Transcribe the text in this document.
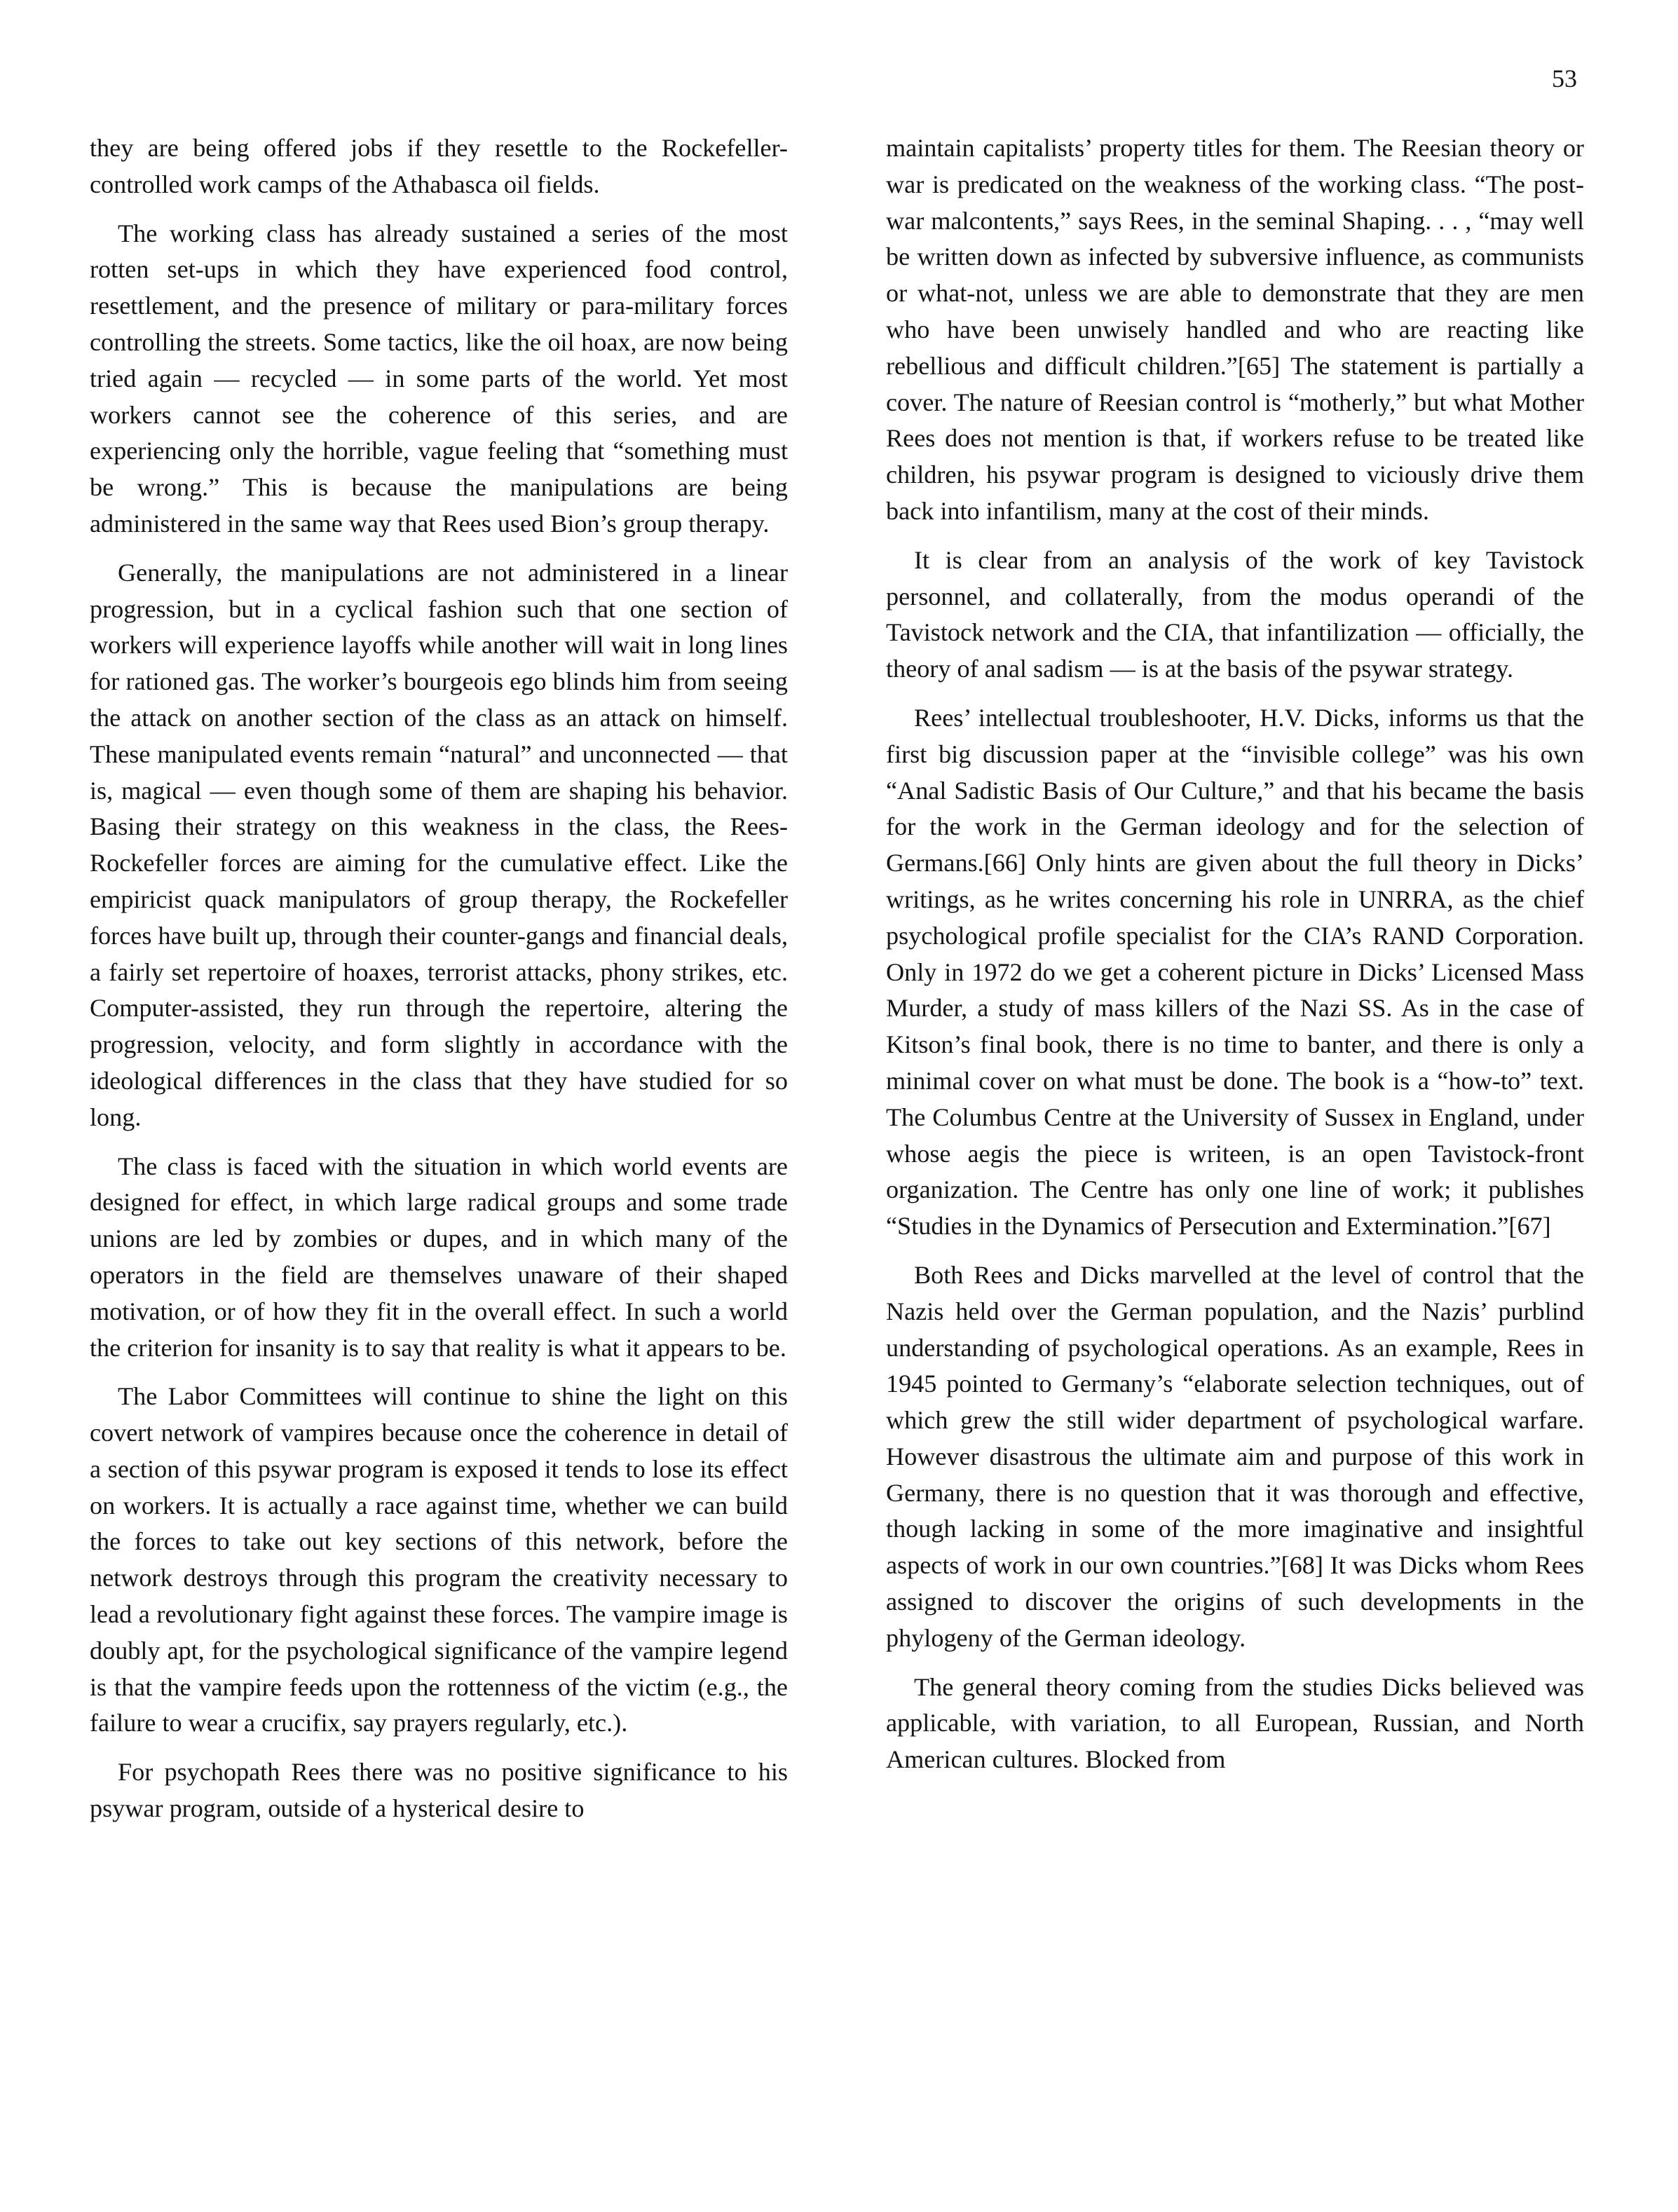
53

they are being offered jobs if they resettle to the Rockefeller-controlled work camps of the Athabasca oil fields.

The working class has already sustained a series of the most rotten set-ups in which they have experienced food control, resettlement, and the presence of military or para-military forces controlling the streets. Some tactics, like the oil hoax, are now being tried again — recycled — in some parts of the world. Yet most workers cannot see the coherence of this series, and are experiencing only the horrible, vague feeling that “something must be wrong.” This is because the manipulations are being administered in the same way that Rees used Bion’s group therapy.

Generally, the manipulations are not administered in a linear progression, but in a cyclical fashion such that one section of workers will experience layoffs while another will wait in long lines for rationed gas. The worker’s bourgeois ego blinds him from seeing the attack on another section of the class as an attack on himself. These manipulated events remain “natural” and unconnected — that is, magical — even though some of them are shaping his behavior. Basing their strategy on this weakness in the class, the Rees-Rockefeller forces are aiming for the cumulative effect. Like the empiricist quack manipulators of group therapy, the Rockefeller forces have built up, through their counter-gangs and financial deals, a fairly set repertoire of hoaxes, terrorist attacks, phony strikes, etc. Computer-assisted, they run through the repertoire, altering the progression, velocity, and form slightly in accordance with the ideological differences in the class that they have studied for so long.

The class is faced with the situation in which world events are designed for effect, in which large radical groups and some trade unions are led by zombies or dupes, and in which many of the operators in the field are themselves unaware of their shaped motivation, or of how they fit in the overall effect. In such a world the criterion for insanity is to say that reality is what it appears to be.

The Labor Committees will continue to shine the light on this covert network of vampires because once the coherence in detail of a section of this psywar program is exposed it tends to lose its effect on workers. It is actually a race against time, whether we can build the forces to take out key sections of this network, before the network destroys through this program the creativity necessary to lead a revolutionary fight against these forces. The vampire image is doubly apt, for the psychological significance of the vampire legend is that the vampire feeds upon the rottenness of the victim (e.g., the failure to wear a crucifix, say prayers regularly, etc.).

For psychopath Rees there was no positive significance to his psywar program, outside of a hysterical desire to

maintain capitalists’ property titles for them. The Reesian theory or war is predicated on the weakness of the working class. “The post-war malcontents,” says Rees, in the seminal Shaping. . . , “may well be written down as infected by subversive influence, as communists or what-not, unless we are able to demonstrate that they are men who have been unwisely handled and who are reacting like rebellious and difficult children.”[65] The statement is partially a cover. The nature of Reesian control is “motherly,” but what Mother Rees does not mention is that, if workers refuse to be treated like children, his psywar program is designed to viciously drive them back into infantilism, many at the cost of their minds.

It is clear from an analysis of the work of key Tavistock personnel, and collaterally, from the modus operandi of the Tavistock network and the CIA, that infantilization — officially, the theory of anal sadism — is at the basis of the psywar strategy.

Rees’ intellectual troubleshooter, H.V. Dicks, informs us that the first big discussion paper at the “invisible college” was his own “Anal Sadistic Basis of Our Culture,” and that his became the basis for the work in the German ideology and for the selection of Germans.[66] Only hints are given about the full theory in Dicks’ writings, as he writes concerning his role in UNRRA, as the chief psychological profile specialist for the CIA’s RAND Corporation. Only in 1972 do we get a coherent picture in Dicks’ Licensed Mass Murder, a study of mass killers of the Nazi SS. As in the case of Kitson’s final book, there is no time to banter, and there is only a minimal cover on what must be done. The book is a “how-to” text. The Columbus Centre at the University of Sussex in England, under whose aegis the piece is writeen, is an open Tavistock-front organization. The Centre has only one line of work; it publishes “Studies in the Dynamics of Persecution and Extermination.”[67]

Both Rees and Dicks marvelled at the level of control that the Nazis held over the German population, and the Nazis’ purblind understanding of psychological operations. As an example, Rees in 1945 pointed to Germany’s “elaborate selection techniques, out of which grew the still wider department of psychological warfare. However disastrous the ultimate aim and purpose of this work in Germany, there is no question that it was thorough and effective, though lacking in some of the more imaginative and insightful aspects of work in our own countries.”[68] It was Dicks whom Rees assigned to discover the origins of such developments in the phylogeny of the German ideology.

The general theory coming from the studies Dicks believed was applicable, with variation, to all European, Russian, and North American cultures. Blocked from
